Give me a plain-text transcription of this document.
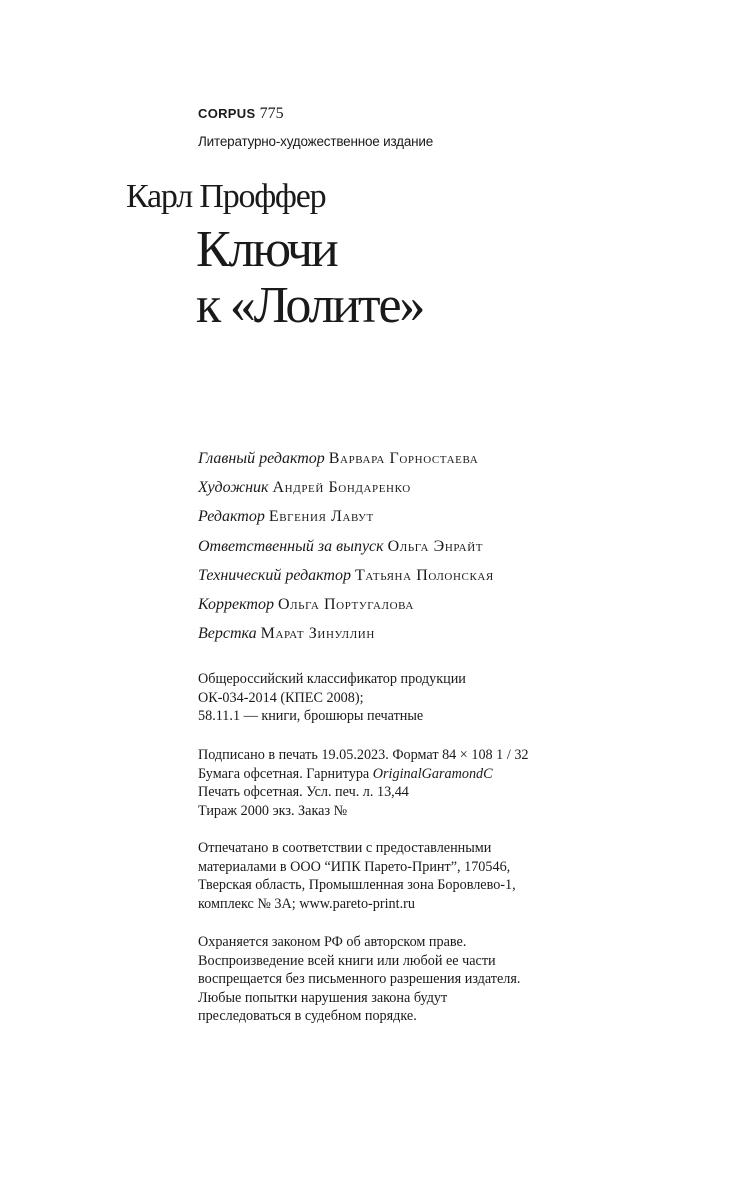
CORPUS 775
Литературно-художественное издание
Карл Проффер
Ключи
к «Лолите»
Главный редактор Варвара Горностаева
Художник Андрей Бондаренко
Редактор Евгения Лавут
Ответственный за выпуск Ольга Энрайт
Технический редактор Татьяна Полонская
Корректор Ольга Португалова
Верстка Марат Зинуллин
Общероссийский классификатор продукции
ОК-034-2014 (КПЕС 2008);
58.11.1 — книги, брошюры печатные
Подписано в печать 19.05.2023. Формат 84 × 108 1 / 32
Бумага офсетная. Гарнитура OriginalGaramondC
Печать офсетная. Усл. печ. л. 13,44
Тираж 2000 экз. Заказ №
Отпечатано в соответствии с предоставленными
материалами в ООО “ИПК Парето-Принт”, 170546,
Тверская область, Промышленная зона Боровлево-1,
комплекс № 3А; www.pareto-print.ru
Охраняется законом РФ об авторском праве.
Воспроизведение всей книги или любой ее части
воспрещается без письменного разрешения издателя.
Любые попытки нарушения закона будут
преследоваться в судебном порядке.
